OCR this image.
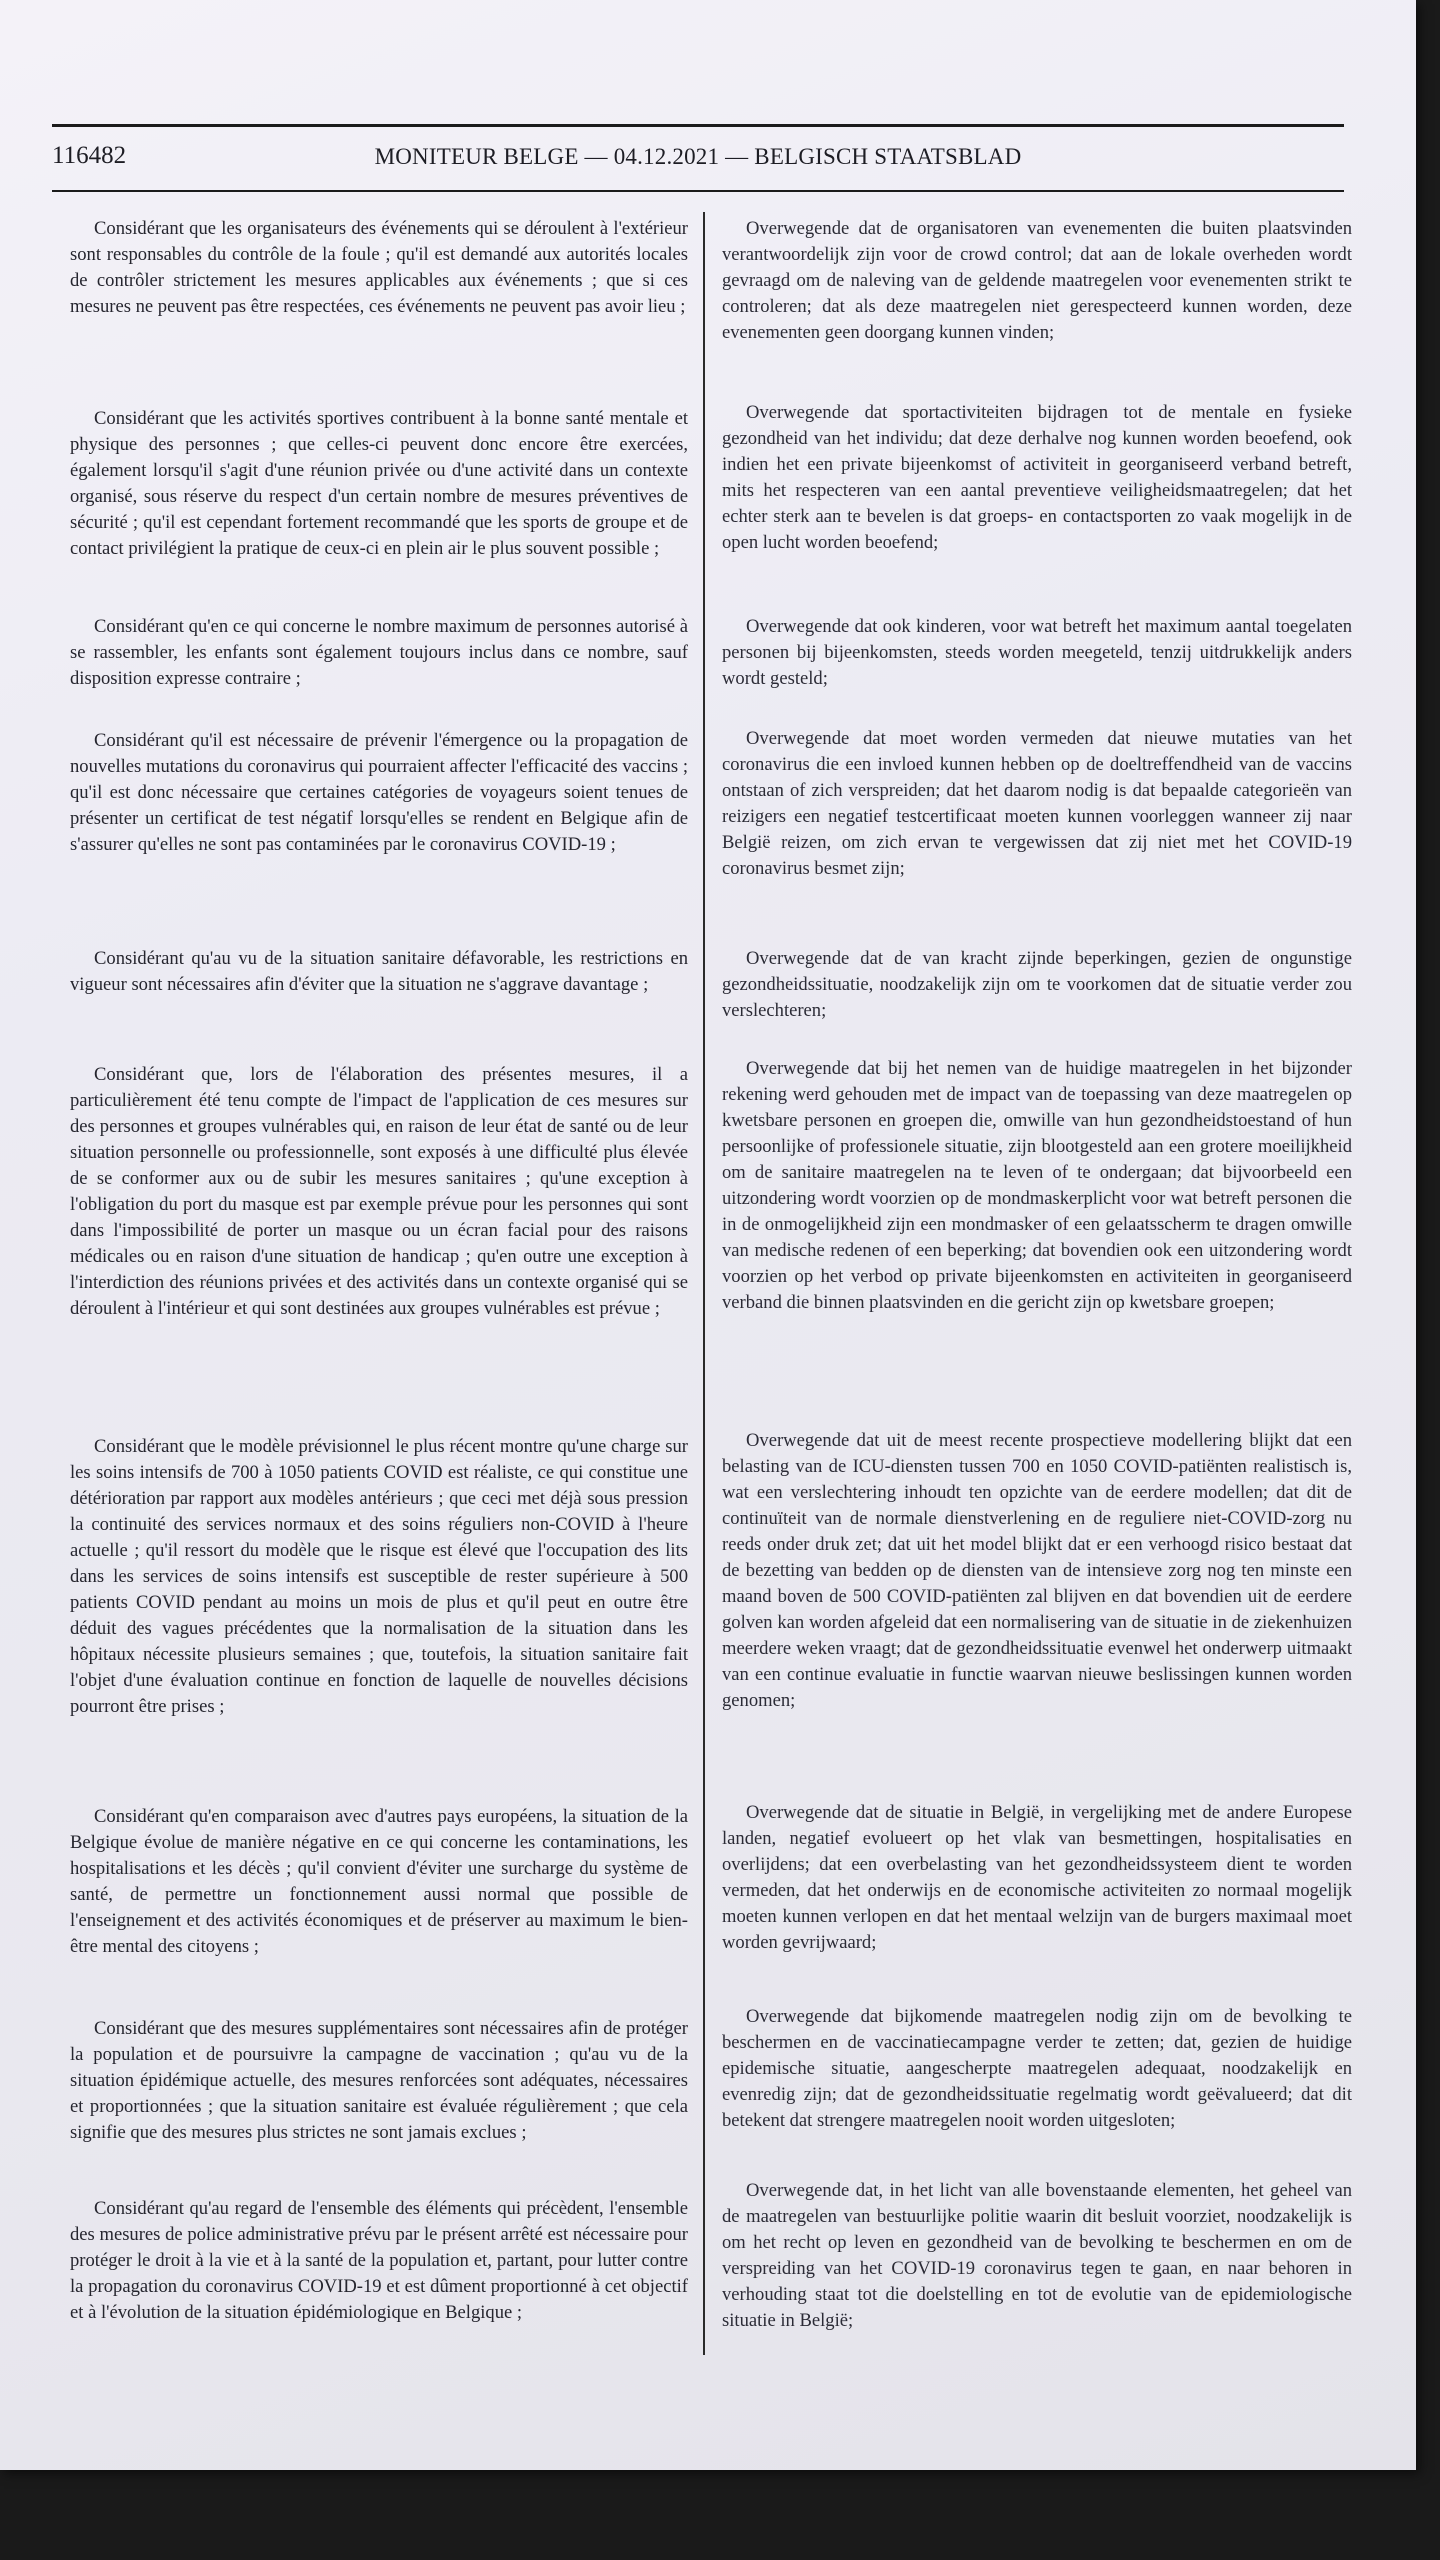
116482	MONITEUR BELGE — 04.12.2021 — BELGISCH STAATSBLAD

Considérant que les organisateurs des événements qui se déroulent à l'extérieur sont responsables du contrôle de la foule ; qu'il est demandé aux autorités locales de contrôler strictement les mesures applicables aux événements ; que si ces mesures ne peuvent pas être respectées, ces événements ne peuvent pas avoir lieu ;

Considérant que les activités sportives contribuent à la bonne santé mentale et physique des personnes ; que celles-ci peuvent donc encore être exercées, également lorsqu'il s'agit d'une réunion privée ou d'une activité dans un contexte organisé, sous réserve du respect d'un certain nombre de mesures préventives de sécurité ; qu'il est cependant fortement recommandé que les sports de groupe et de contact privilégient la pratique de ceux-ci en plein air le plus souvent possible ;

Considérant qu'en ce qui concerne le nombre maximum de personnes autorisé à se rassembler, les enfants sont également toujours inclus dans ce nombre, sauf disposition expresse contraire ;

Considérant qu'il est nécessaire de prévenir l'émergence ou la propagation de nouvelles mutations du coronavirus qui pourraient affecter l'efficacité des vaccins ; qu'il est donc nécessaire que certaines catégories de voyageurs soient tenues de présenter un certificat de test négatif lorsqu'elles se rendent en Belgique afin de s'assurer qu'elles ne sont pas contaminées par le coronavirus COVID-19 ;

Considérant qu'au vu de la situation sanitaire défavorable, les restrictions en vigueur sont nécessaires afin d'éviter que la situation ne s'aggrave davantage ;

Considérant que, lors de l'élaboration des présentes mesures, il a particulièrement été tenu compte de l'impact de l'application de ces mesures sur des personnes et groupes vulnérables qui, en raison de leur état de santé ou de leur situation personnelle ou professionnelle, sont exposés à une difficulté plus élevée de se conformer aux ou de subir les mesures sanitaires ; qu'une exception à l'obligation du port du masque est par exemple prévue pour les personnes qui sont dans l'impossibilité de porter un masque ou un écran facial pour des raisons médicales ou en raison d'une situation de handicap ; qu'en outre une exception à l'interdiction des réunions privées et des activités dans un contexte organisé qui se déroulent à l'intérieur et qui sont destinées aux groupes vulnérables est prévue ;

Considérant que le modèle prévisionnel le plus récent montre qu'une charge sur les soins intensifs de 700 à 1050 patients COVID est réaliste, ce qui constitue une détérioration par rapport aux modèles antérieurs ; que ceci met déjà sous pression la continuité des services normaux et des soins réguliers non-COVID à l'heure actuelle ; qu'il ressort du modèle que le risque est élevé que l'occupation des lits dans les services de soins intensifs est susceptible de rester supérieure à 500 patients COVID pendant au moins un mois de plus et qu'il peut en outre être déduit des vagues précédentes que la normalisation de la situation dans les hôpitaux nécessite plusieurs semaines ; que, toutefois, la situation sanitaire fait l'objet d'une évaluation continue en fonction de laquelle de nouvelles décisions pourront être prises ;

Considérant qu'en comparaison avec d'autres pays européens, la situation de la Belgique évolue de manière négative en ce qui concerne les contaminations, les hospitalisations et les décès ; qu'il convient d'éviter une surcharge du système de santé, de permettre un fonctionnement aussi normal que possible de l'enseignement et des activités économiques et de préserver au maximum le bien-être mental des citoyens ;

Considérant que des mesures supplémentaires sont nécessaires afin de protéger la population et de poursuivre la campagne de vaccination ; qu'au vu de la situation épidémique actuelle, des mesures renforcées sont adéquates, nécessaires et proportionnées ; que la situation sanitaire est évaluée régulièrement ; que cela signifie que des mesures plus strictes ne sont jamais exclues ;

Considérant qu'au regard de l'ensemble des éléments qui précèdent, l'ensemble des mesures de police administrative prévu par le présent arrêté est nécessaire pour protéger le droit à la vie et à la santé de la population et, partant, pour lutter contre la propagation du coronavirus COVID-19 et est dûment proportionné à cet objectif et à l'évolution de la situation épidémiologique en Belgique ;

Overwegende dat de organisatoren van evenementen die buiten plaatsvinden verantwoordelijk zijn voor de crowd control; dat aan de lokale overheden wordt gevraagd om de naleving van de geldende maatregelen voor evenementen strikt te controleren; dat als deze maatregelen niet gerespecteerd kunnen worden, deze evenementen geen doorgang kunnen vinden;

Overwegende dat sportactiviteiten bijdragen tot de mentale en fysieke gezondheid van het individu; dat deze derhalve nog kunnen worden beoefend, ook indien het een private bijeenkomst of activiteit in georganiseerd verband betreft, mits het respecteren van een aantal preventieve veiligheidsmaatregelen; dat het echter sterk aan te bevelen is dat groeps- en contactsporten zo vaak mogelijk in de open lucht worden beoefend;

Overwegende dat ook kinderen, voor wat betreft het maximum aantal toegelaten personen bij bijeenkomsten, steeds worden meegeteld, tenzij uitdrukkelijk anders wordt gesteld;

Overwegende dat moet worden vermeden dat nieuwe mutaties van het coronavirus die een invloed kunnen hebben op de doeltreffendheid van de vaccins ontstaan of zich verspreiden; dat het daarom nodig is dat bepaalde categorieën van reizigers een negatief testcertificaat moeten kunnen voorleggen wanneer zij naar België reizen, om zich ervan te vergewissen dat zij niet met het COVID-19 coronavirus besmet zijn;

Overwegende dat de van kracht zijnde beperkingen, gezien de ongunstige gezondheidssituatie, noodzakelijk zijn om te voorkomen dat de situatie verder zou verslechteren;

Overwegende dat bij het nemen van de huidige maatregelen in het bijzonder rekening werd gehouden met de impact van de toepassing van deze maatregelen op kwetsbare personen en groepen die, omwille van hun gezondheidstoestand of hun persoonlijke of professionele situatie, zijn blootgesteld aan een grotere moeilijkheid om de sanitaire maatregelen na te leven of te ondergaan; dat bijvoorbeeld een uitzondering wordt voorzien op de mondmaskerplicht voor wat betreft personen die in de onmogelijkheid zijn een mondmasker of een gelaatsscherm te dragen omwille van medische redenen of een beperking; dat bovendien ook een uitzondering wordt voorzien op het verbod op private bijeenkomsten en activiteiten in georganiseerd verband die binnen plaatsvinden en die gericht zijn op kwetsbare groepen;

Overwegende dat uit de meest recente prospectieve modellering blijkt dat een belasting van de ICU-diensten tussen 700 en 1050 COVID-patiënten realistisch is, wat een verslechtering inhoudt ten opzichte van de eerdere modellen; dat dit de continuïteit van de normale dienstverlening en de reguliere niet-COVID-zorg nu reeds onder druk zet; dat uit het model blijkt dat er een verhoogd risico bestaat dat de bezetting van bedden op de diensten van de intensieve zorg nog ten minste een maand boven de 500 COVID-patiënten zal blijven en dat bovendien uit de eerdere golven kan worden afgeleid dat een normalisering van de situatie in de ziekenhuizen meerdere weken vraagt; dat de gezondheidssituatie evenwel het onderwerp uitmaakt van een continue evaluatie in functie waarvan nieuwe beslissingen kunnen worden genomen;

Overwegende dat de situatie in België, in vergelijking met de andere Europese landen, negatief evolueert op het vlak van besmettingen, hospitalisaties en overlijdens; dat een overbelasting van het gezondheidssysteem dient te worden vermeden, dat het onderwijs en de economische activiteiten zo normaal mogelijk moeten kunnen verlopen en dat het mentaal welzijn van de burgers maximaal moet worden gevrijwaard;

Overwegende dat bijkomende maatregelen nodig zijn om de bevolking te beschermen en de vaccinatiecampagne verder te zetten; dat, gezien de huidige epidemische situatie, aangescherpte maatregelen adequaat, noodzakelijk en evenredig zijn; dat de gezondheidssituatie regelmatig wordt geëvalueerd; dat dit betekent dat strengere maatregelen nooit worden uitgesloten;

Overwegende dat, in het licht van alle bovenstaande elementen, het geheel van de maatregelen van bestuurlijke politie waarin dit besluit voorziet, noodzakelijk is om het recht op leven en gezondheid van de bevolking te beschermen en om de verspreiding van het COVID-19 coronavirus tegen te gaan, en naar behoren in verhouding staat tot die doelstelling en tot de evolutie van de epidemiologische situatie in België;
